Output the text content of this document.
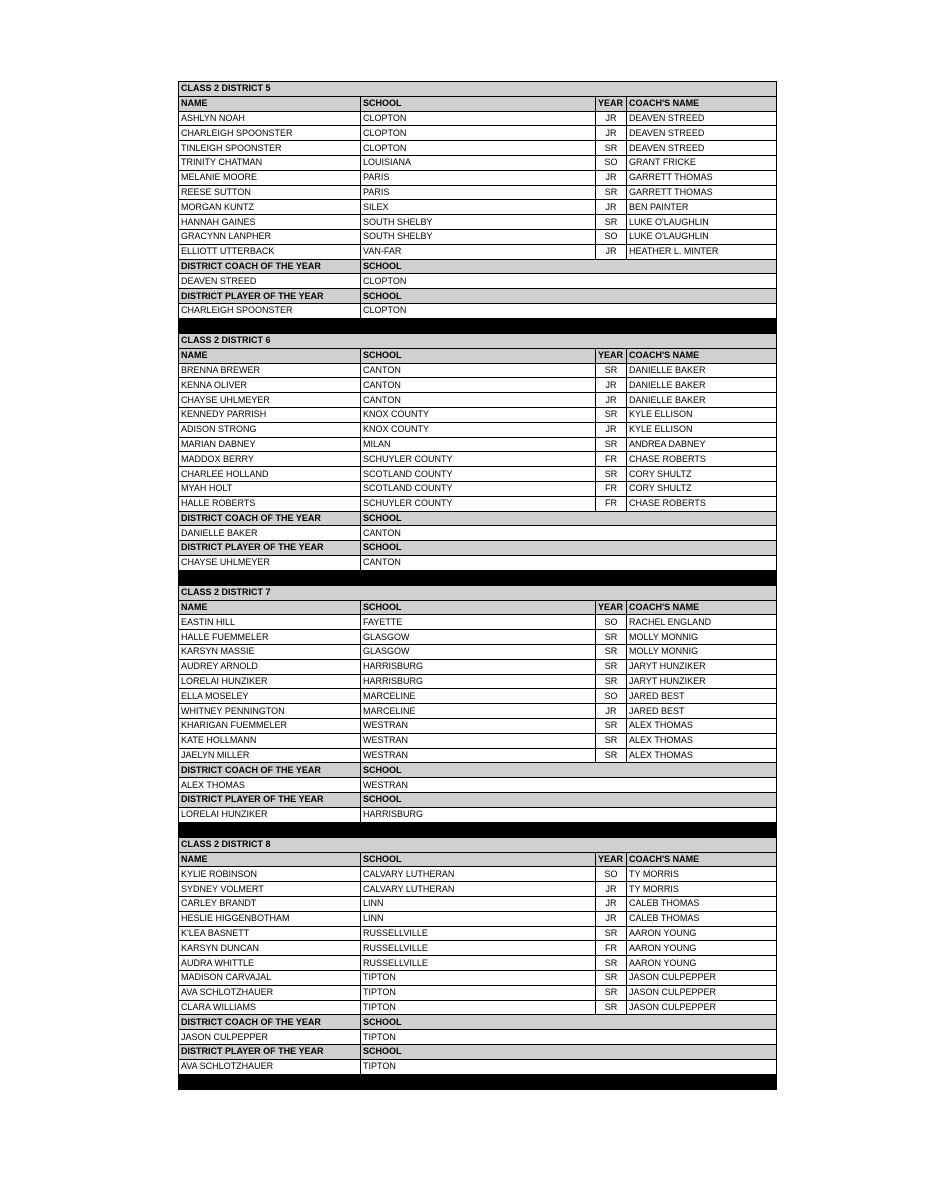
CLASS 2 DISTRICT 5			
NAME	SCHOOL	YEAR	COACH'S NAME
ASHLYN NOAH	CLOPTON	JR	DEAVEN STREED
CHARLEIGH SPOONSTER	CLOPTON	JR	DEAVEN STREED
TINLEIGH SPOONSTER	CLOPTON	SR	DEAVEN STREED
TRINITY CHATMAN	LOUISIANA	SO	GRANT FRICKE
MELANIE MOORE	PARIS	JR	GARRETT THOMAS
REESE SUTTON	PARIS	SR	GARRETT THOMAS
MORGAN KUNTZ	SILEX	JR	BEN PAINTER
HANNAH GAINES	SOUTH SHELBY	SR	LUKE O'LAUGHLIN
GRACYNN LANPHER	SOUTH SHELBY	SO	LUKE O'LAUGHLIN
ELLIOTT UTTERBACK	VAN-FAR	JR	HEATHER L. MINTER
DISTRICT COACH OF THE YEAR	SCHOOL		
DEAVEN STREED	CLOPTON		
DISTRICT PLAYER OF THE YEAR	SCHOOL		
CHARLEIGH SPOONSTER	CLOPTON		

CLASS 2 DISTRICT 6			
NAME	SCHOOL	YEAR	COACH'S NAME
BRENNA BREWER	CANTON	SR	DANIELLE BAKER
KENNA OLIVER	CANTON	JR	DANIELLE BAKER
CHAYSE UHLMEYER	CANTON	JR	DANIELLE BAKER
KENNEDY PARRISH	KNOX COUNTY	SR	KYLE ELLISON
ADISON STRONG	KNOX COUNTY	JR	KYLE ELLISON
MARIAN DABNEY	MILAN	SR	ANDREA DABNEY
MADDOX BERRY	SCHUYLER COUNTY	FR	CHASE ROBERTS
CHARLEE HOLLAND	SCOTLAND COUNTY	SR	CORY SHULTZ
MYAH HOLT	SCOTLAND COUNTY	FR	CORY SHULTZ
HALLE ROBERTS	SCHUYLER COUNTY	FR	CHASE ROBERTS
DISTRICT COACH OF THE YEAR	SCHOOL		
DANIELLE BAKER	CANTON		
DISTRICT PLAYER OF THE YEAR	SCHOOL		
CHAYSE UHLMEYER	CANTON		

CLASS 2 DISTRICT 7			
NAME	SCHOOL	YEAR	COACH'S NAME
EASTIN HILL	FAYETTE	SO	RACHEL ENGLAND
HALLE FUEMMELER	GLASGOW	SR	MOLLY MONNIG
KARSYN MASSIE	GLASGOW	SR	MOLLY MONNIG
AUDREY ARNOLD	HARRISBURG	SR	JARYT HUNZIKER
LORELAI HUNZIKER	HARRISBURG	SR	JARYT HUNZIKER
ELLA MOSELEY	MARCELINE	SO	JARED BEST
WHITNEY PENNINGTON	MARCELINE	JR	JARED BEST
KHARIGAN FUEMMELER	WESTRAN	SR	ALEX THOMAS
KATE HOLLMANN	WESTRAN	SR	ALEX THOMAS
JAELYN MILLER	WESTRAN	SR	ALEX THOMAS
DISTRICT COACH OF THE YEAR	SCHOOL		
ALEX THOMAS	WESTRAN		
DISTRICT PLAYER OF THE YEAR	SCHOOL		
LORELAI HUNZIKER	HARRISBURG		

CLASS 2 DISTRICT 8			
NAME	SCHOOL	YEAR	COACH'S NAME
KYLIE ROBINSON	CALVARY LUTHERAN	SO	TY MORRIS
SYDNEY VOLMERT	CALVARY LUTHERAN	JR	TY MORRIS
CARLEY BRANDT	LINN	JR	CALEB THOMAS
HESLIE HIGGENBOTHAM	LINN	JR	CALEB THOMAS
K'LEA BASNETT	RUSSELLVILLE	SR	AARON YOUNG
KARSYN DUNCAN	RUSSELLVILLE	FR	AARON YOUNG
AUDRA WHITTLE	RUSSELLVILLE	SR	AARON YOUNG
MADISON CARVAJAL	TIPTON	SR	JASON CULPEPPER
AVA SCHLOTZHAUER	TIPTON	SR	JASON CULPEPPER
CLARA WILLIAMS	TIPTON	SR	JASON CULPEPPER
DISTRICT COACH OF THE YEAR	SCHOOL		
JASON CULPEPPER	TIPTON		
DISTRICT PLAYER OF THE YEAR	SCHOOL		
AVA SCHLOTZHAUER	TIPTON		
